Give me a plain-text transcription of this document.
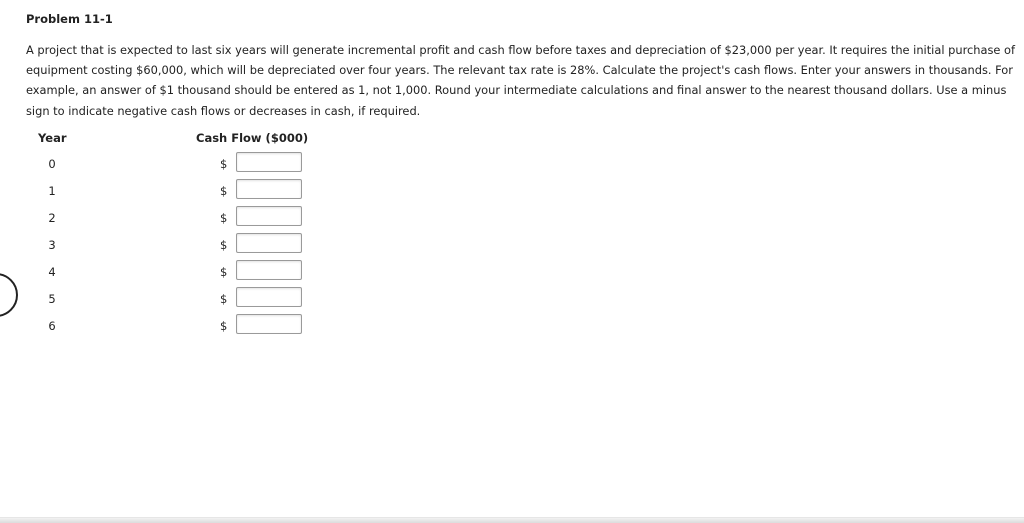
Problem 11-1

A project that is expected to last six years will generate incremental profit and cash flow before taxes and depreciation of $23,000 per year. It requires the initial purchase of equipment costing $60,000, which will be depreciated over four years. The relevant tax rate is 28%. Calculate the project's cash flows. Enter your answers in thousands. For example, an answer of $1 thousand should be entered as 1, not 1,000. Round your intermediate calculations and final answer to the nearest thousand dollars. Use a minus sign to indicate negative cash flows or decreases in cash, if required.

Year	Cash Flow ($000)
0	$
1	$
2	$
3	$
4	$
5	$
6	$
